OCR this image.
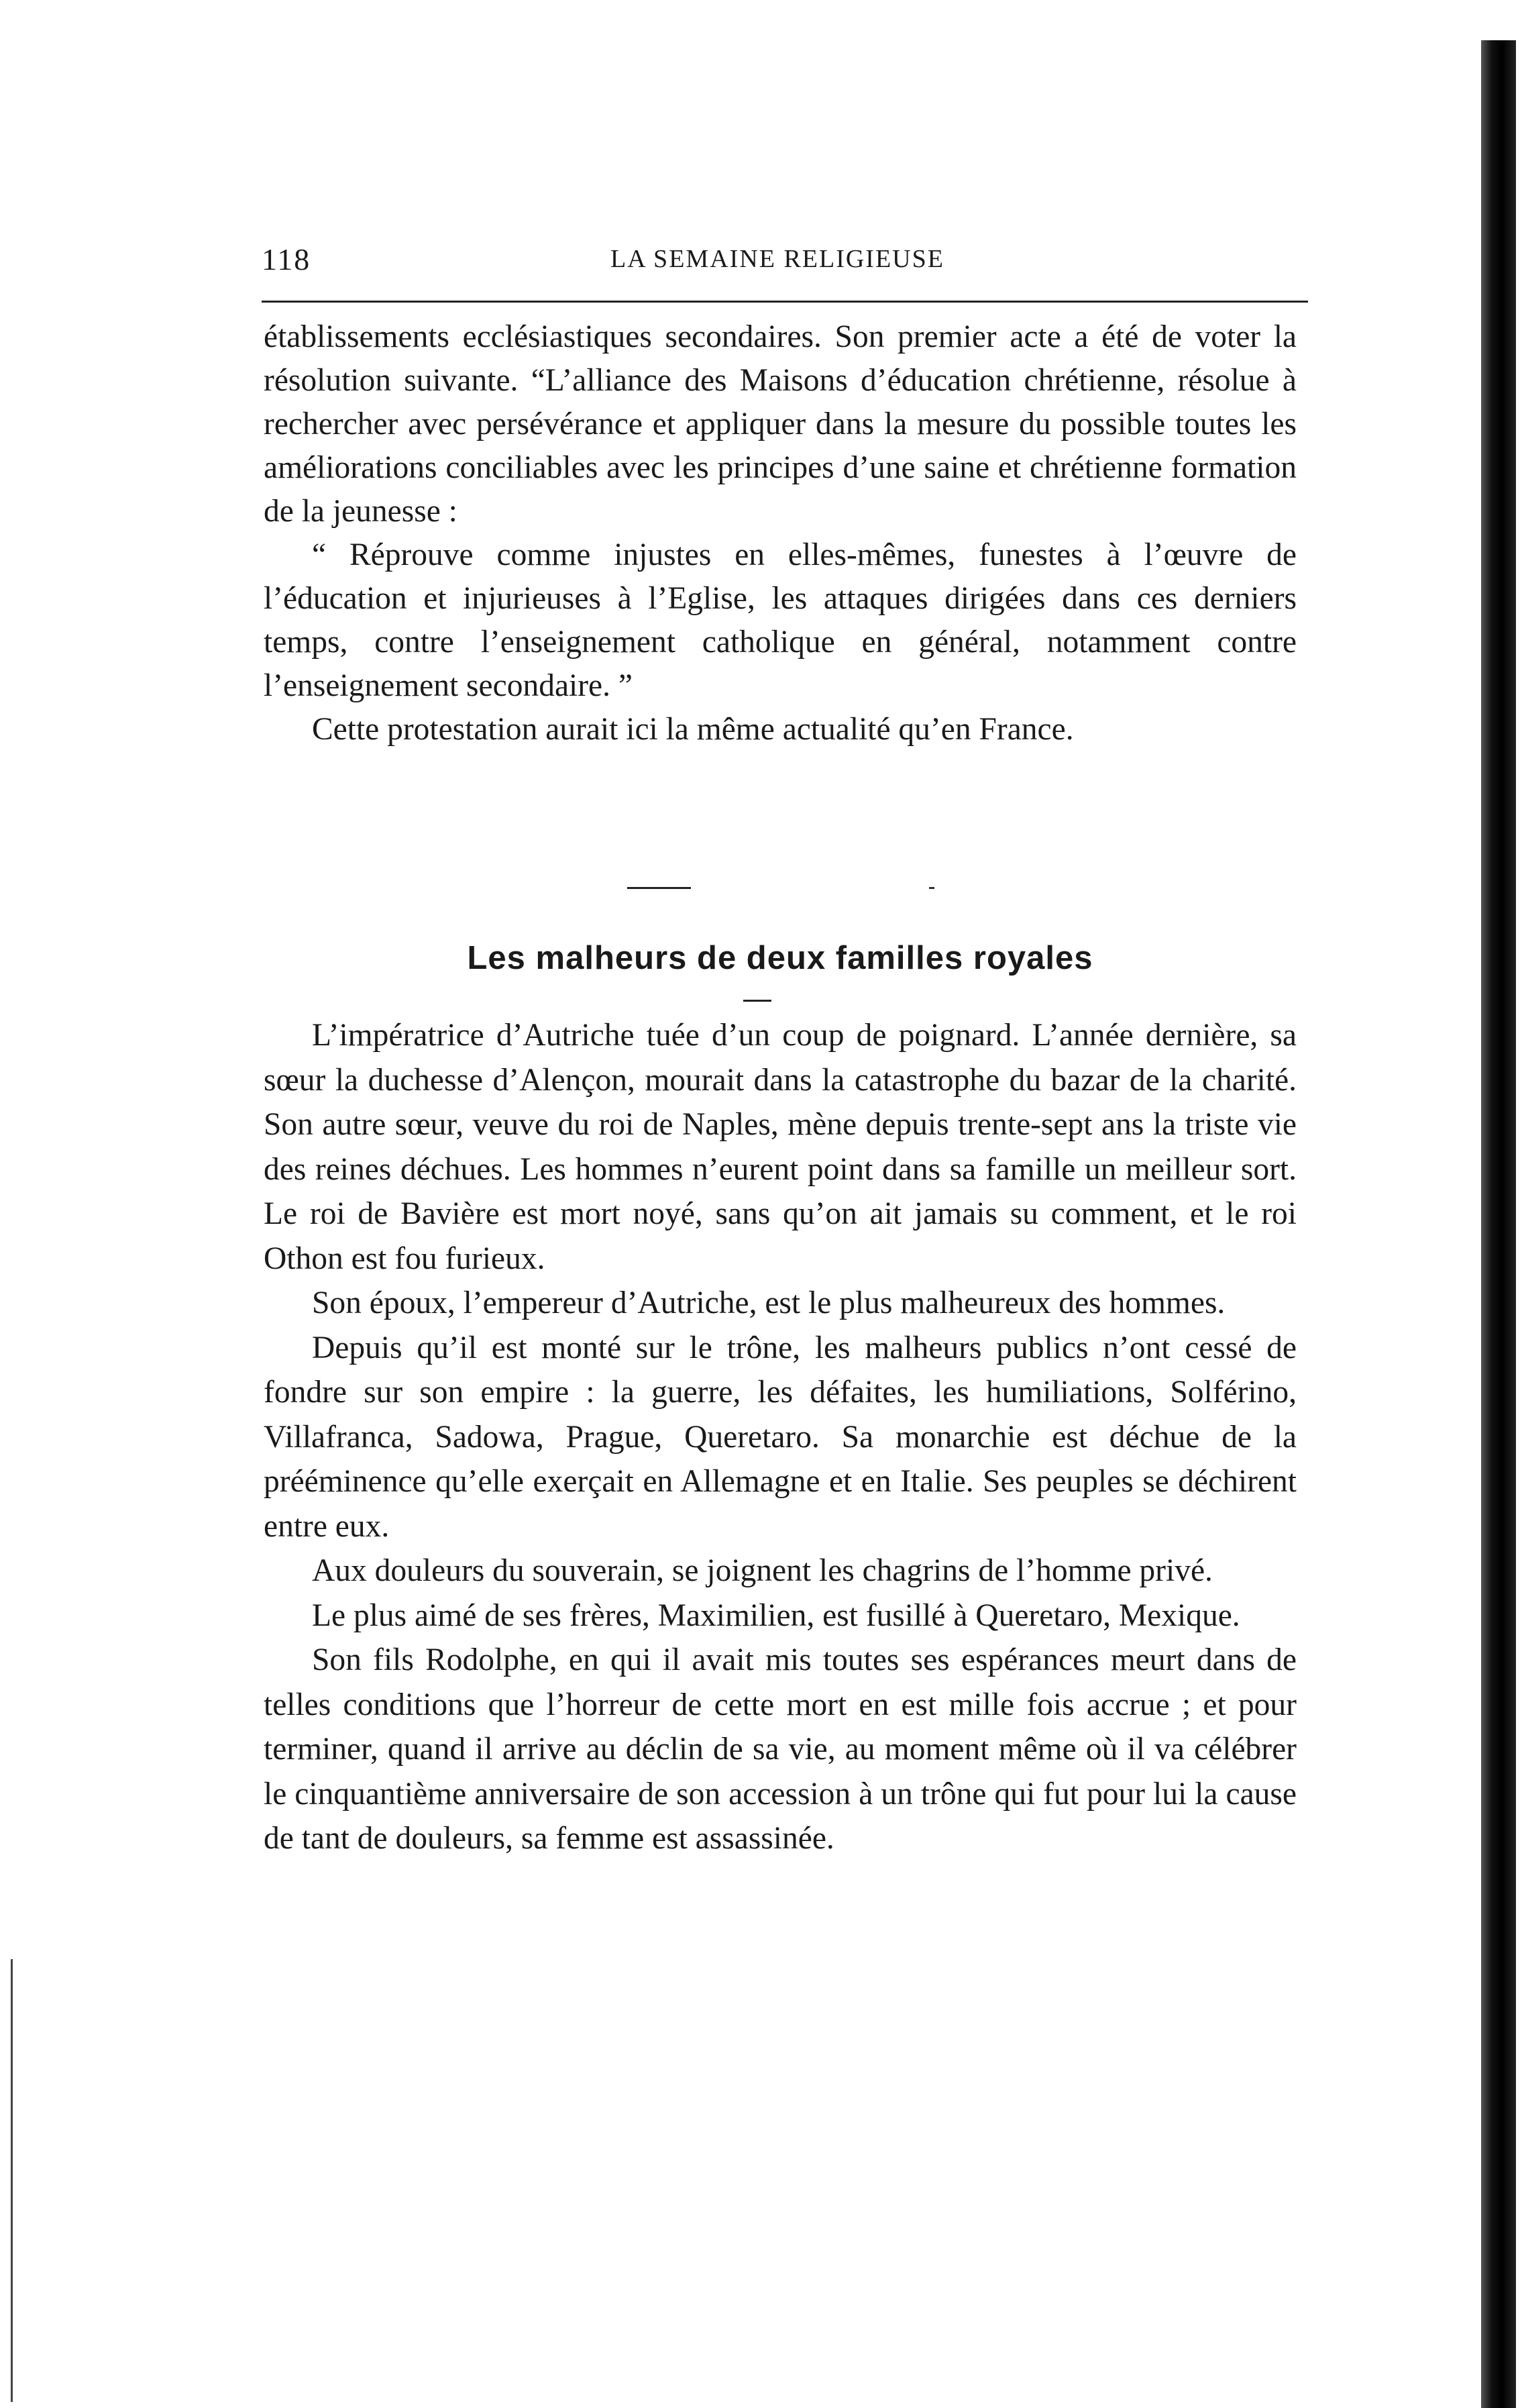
118	LA SEMAINE RELIGIEUSE

établissements ecclésiastiques secondaires. Son premier acte a été de voter la résolution suivante. “L’alliance des Maisons d’éducation chrétienne, résolue à rechercher avec persévérance et appliquer dans la mesure du possible toutes les améliorations conciliables avec les principes d’une saine et chrétienne formation de la jeunesse :

“ Réprouve comme injustes en elles-mêmes, funestes à l’œuvre de l’éducation et injurieuses à l’Eglise, les attaques dirigées dans ces derniers temps, contre l’enseignement catholique en général, notamment contre l’enseignement secondaire. ”

Cette protestation aurait ici la même actualité qu’en France.

Les malheurs de deux familles royales

L’impératrice d’Autriche tuée d’un coup de poignard. L’année dernière, sa sœur la duchesse d’Alençon, mourait dans la catastrophe du bazar de la charité. Son autre sœur, veuve du roi de Naples, mène depuis trente-sept ans la triste vie des reines déchues. Les hommes n’eurent point dans sa famille un meilleur sort. Le roi de Bavière est mort noyé, sans qu’on ait jamais su comment, et le roi Othon est fou furieux.

Son époux, l’empereur d’Autriche, est le plus malheureux des hommes.

Depuis qu’il est monté sur le trône, les malheurs publics n’ont cessé de fondre sur son empire : la guerre, les défaites, les humiliations, Solférino, Villafranca, Sadowa, Prague, Queretaro. Sa monarchie est déchue de la prééminence qu’elle exerçait en Allemagne et en Italie. Ses peuples se déchirent entre eux.

Aux douleurs du souverain, se joignent les chagrins de l’homme privé.

Le plus aimé de ses frères, Maximilien, est fusillé à Queretaro, Mexique.

Son fils Rodolphe, en qui il avait mis toutes ses espérances meurt dans de telles conditions que l’horreur de cette mort en est mille fois accrue ; et pour terminer, quand il arrive au déclin de sa vie, au moment même où il va célébrer le cinquantième anniversaire de son accession à un trône qui fut pour lui la cause de tant de douleurs, sa femme est assassinée.
